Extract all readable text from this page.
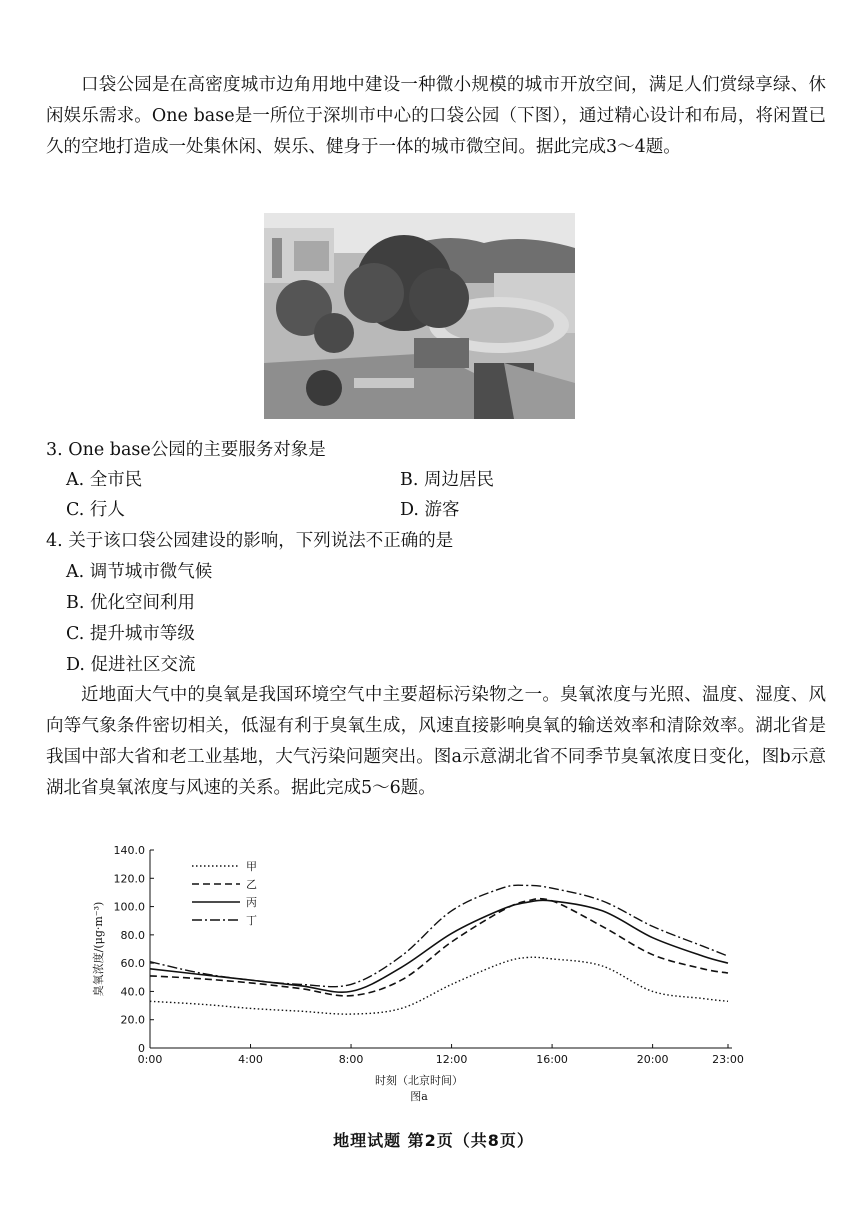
口袋公园是在高密度城市边角用地中建设一种微小规模的城市开放空间，满足人们赏绿享绿、休闲娱乐需求。One base是一所位于深圳市中心的口袋公园（下图），通过精心设计和布局，将闲置已久的空地打造成一处集休闲、娱乐、健身于一体的城市微空间。据此完成3～4题。

3. One base公园的主要服务对象是
A. 全市民	B. 周边居民
C. 行人	D. 游客
4. 关于该口袋公园建设的影响，下列说法不正确的是
A. 调节城市微气候
B. 优化空间利用
C. 提升城市等级
D. 促进社区交流

近地面大气中的臭氧是我国环境空气中主要超标污染物之一。臭氧浓度与光照、温度、湿度、风向等气象条件密切相关，低湿有利于臭氧生成，风速直接影响臭氧的输送效率和清除效率。湖北省是我国中部大省和老工业基地，大气污染问题突出。图a示意湖北省不同季节臭氧浓度日变化，图b示意湖北省臭氧浓度与风速的关系。据此完成5～6题。

0
20.0
40.0
60.0
80.0
100.0
120.0
140.0
0:00	4:00	8:00	12:00	16:00	20:00	23:00
臭氧浓度/(μg·m⁻³)
时刻（北京时间）
图a
甲
乙
丙
丁
地理试题 第2页（共8页）
